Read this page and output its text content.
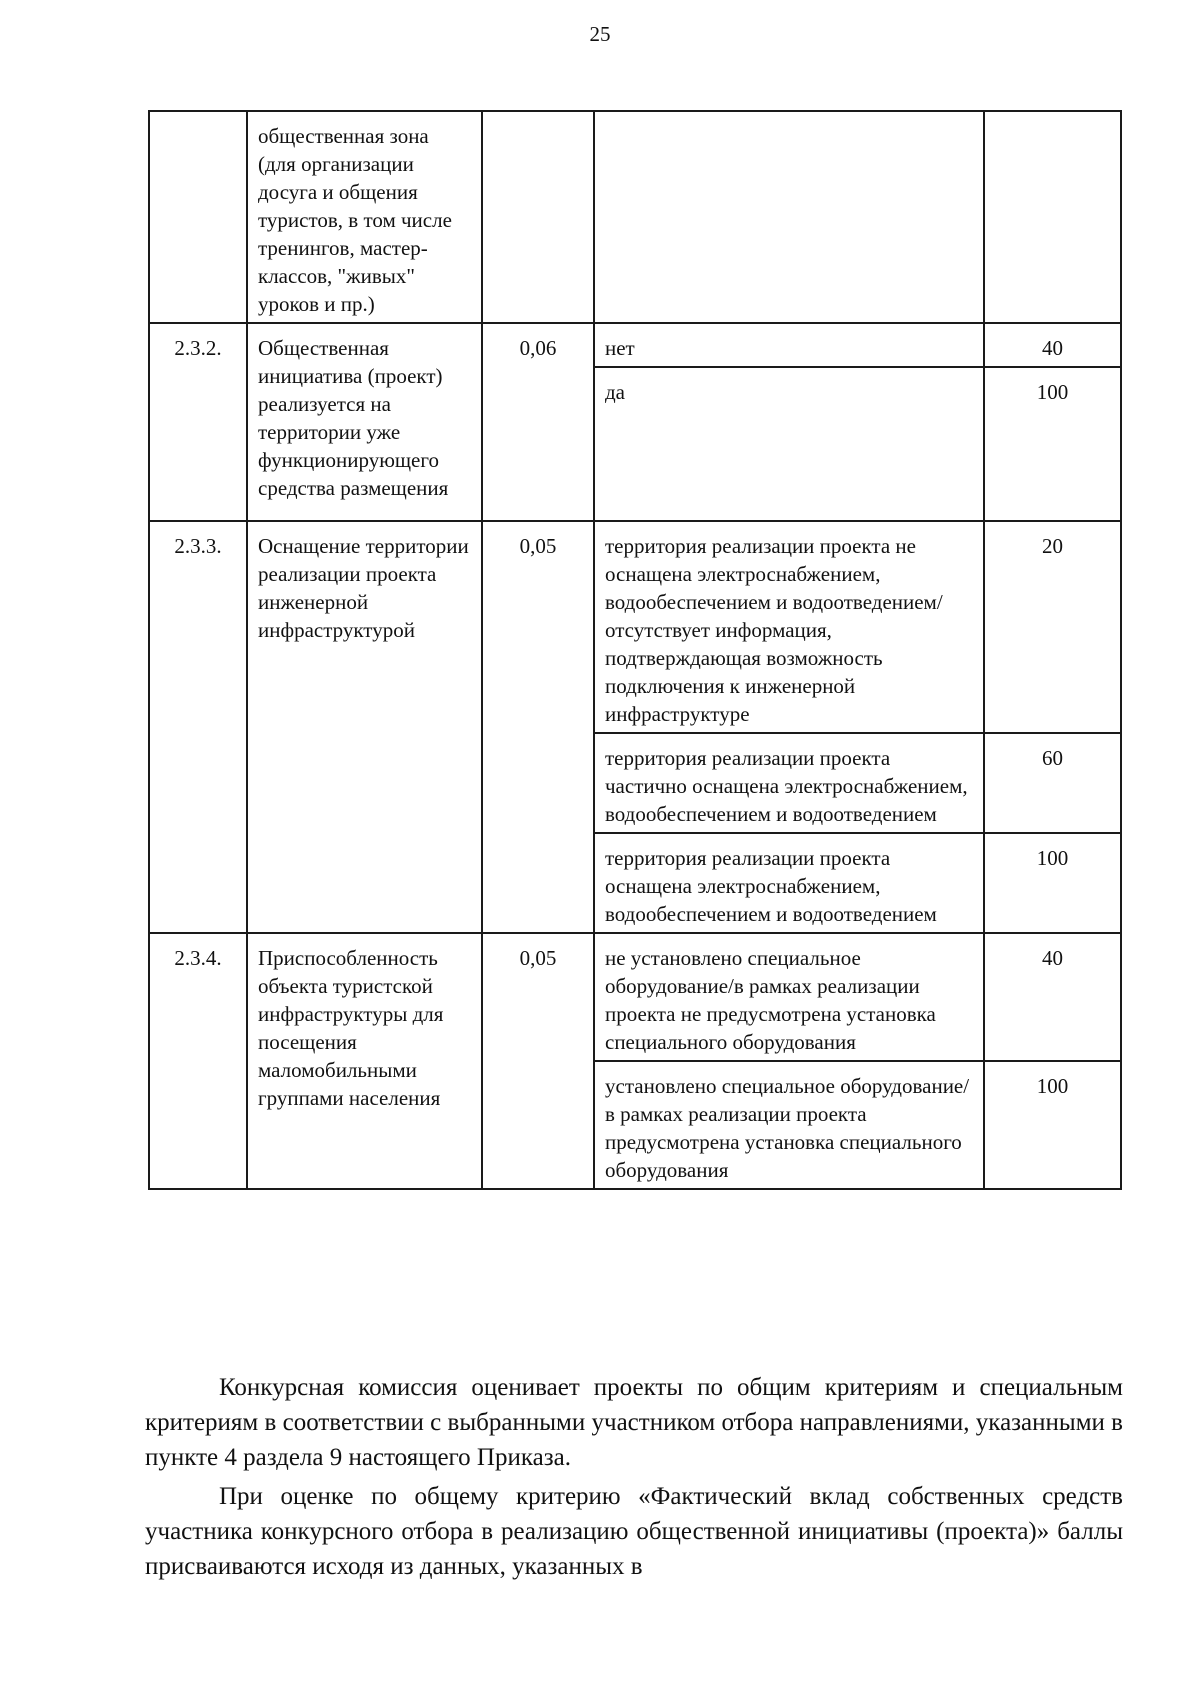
25
	общественная зона (для организации досуга и общения туристов, в том числе тренингов, мастер-классов, "живых" уроков и пр.)			
2.3.2.	Общественная инициатива (проект) реализуется на территории уже функционирующего средства размещения	0,06	нет	40
			да	100
2.3.3.	Оснащение территории реализации проекта инженерной инфраструктурой	0,05	территория реализации проекта не оснащена электроснабжением, водообеспечением и водоотведением/отсутствует информация, подтверждающая возможность подключения к инженерной инфраструктуре	20
			территория реализации проекта частично оснащена электроснабжением, водообеспечением и водоотведением	60
			территория реализации проекта оснащена электроснабжением, водообеспечением и водоотведением	100
2.3.4.	Приспособленность объекта туристской инфраструктуры для посещения маломобильными группами населения	0,05	не установлено специальное оборудование/в рамках реализации проекта не предусмотрена установка специального оборудования	40
			установлено специальное оборудование/в рамках реализации проекта предусмотрена установка специального оборудования	100

Конкурсная комиссия оценивает проекты по общим критериям и специальным критериям в соответствии с выбранными участником отбора направлениями, указанными в пункте 4 раздела 9 настоящего Приказа.

При оценке по общему критерию «Фактический вклад собственных средств участника конкурсного отбора в реализацию общественной инициативы (проекта)» баллы присваиваются исходя из данных, указанных в
